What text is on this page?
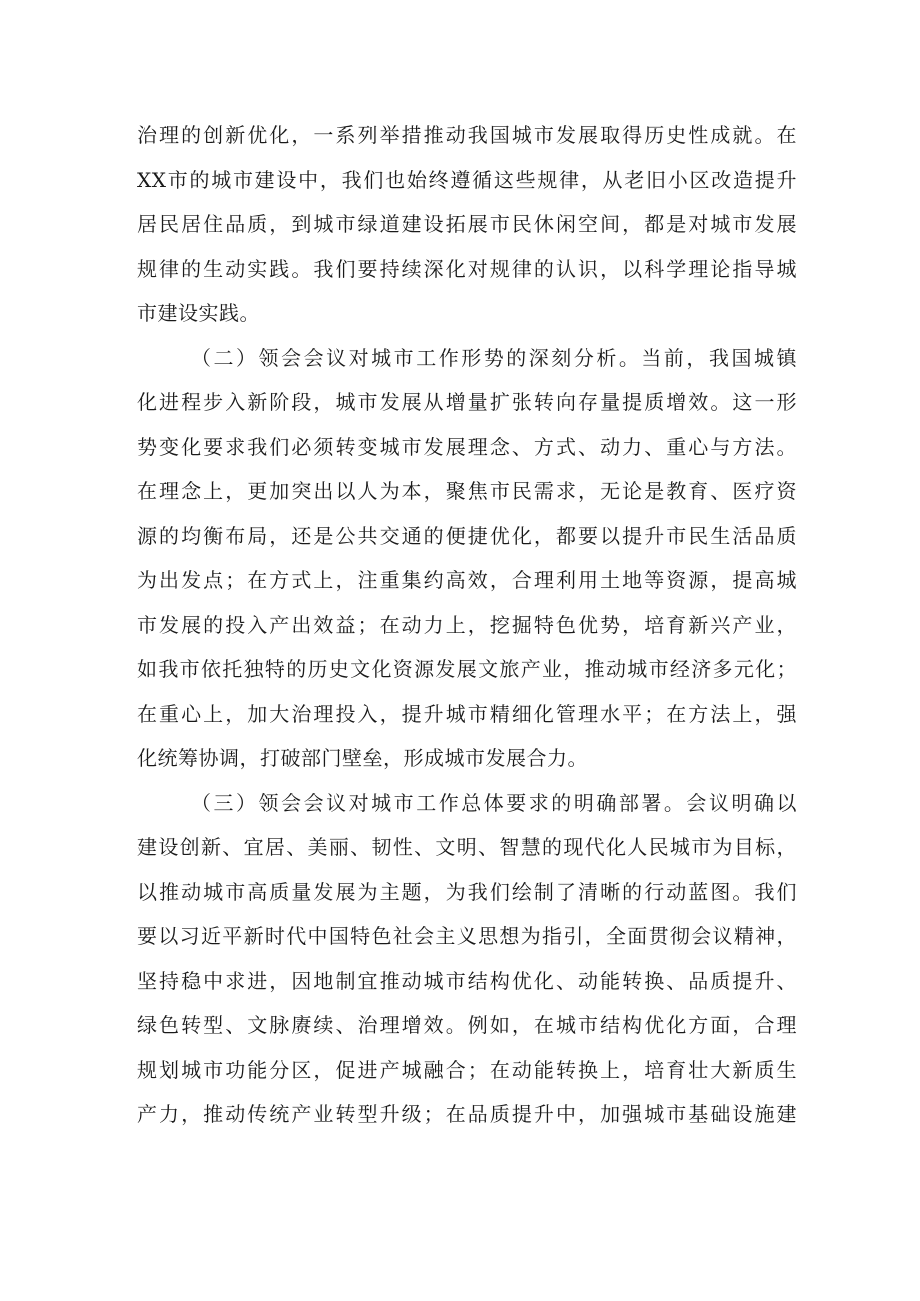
治理的创新优化，一系列举措推动我国城市发展取得历史性成就。在
XX市的城市建设中，我们也始终遵循这些规律，从老旧小区改造提升
居民居住品质，到城市绿道建设拓展市民休闲空间，都是对城市发展
规律的生动实践。我们要持续深化对规律的认识，以科学理论指导城
市建设实践。
（二）领会会议对城市工作形势的深刻分析。当前，我国城镇
化进程步入新阶段，城市发展从增量扩张转向存量提质增效。这一形
势变化要求我们必须转变城市发展理念、方式、动力、重心与方法。
在理念上，更加突出以人为本，聚焦市民需求，无论是教育、医疗资
源的均衡布局，还是公共交通的便捷优化，都要以提升市民生活品质
为出发点；在方式上，注重集约高效，合理利用土地等资源，提高城
市发展的投入产出效益；在动力上，挖掘特色优势，培育新兴产业，
如我市依托独特的历史文化资源发展文旅产业，推动城市经济多元化；
在重心上，加大治理投入，提升城市精细化管理水平；在方法上，强
化统筹协调，打破部门壁垒，形成城市发展合力。
（三）领会会议对城市工作总体要求的明确部署。会议明确以
建设创新、宜居、美丽、韧性、文明、智慧的现代化人民城市为目标，
以推动城市高质量发展为主题，为我们绘制了清晰的行动蓝图。我们
要以习近平新时代中国特色社会主义思想为指引，全面贯彻会议精神，
坚持稳中求进，因地制宜推动城市结构优化、动能转换、品质提升、
绿色转型、文脉赓续、治理增效。例如，在城市结构优化方面，合理
规划城市功能分区，促进产城融合；在动能转换上，培育壮大新质生
产力，推动传统产业转型升级；在品质提升中，加强城市基础设施建
